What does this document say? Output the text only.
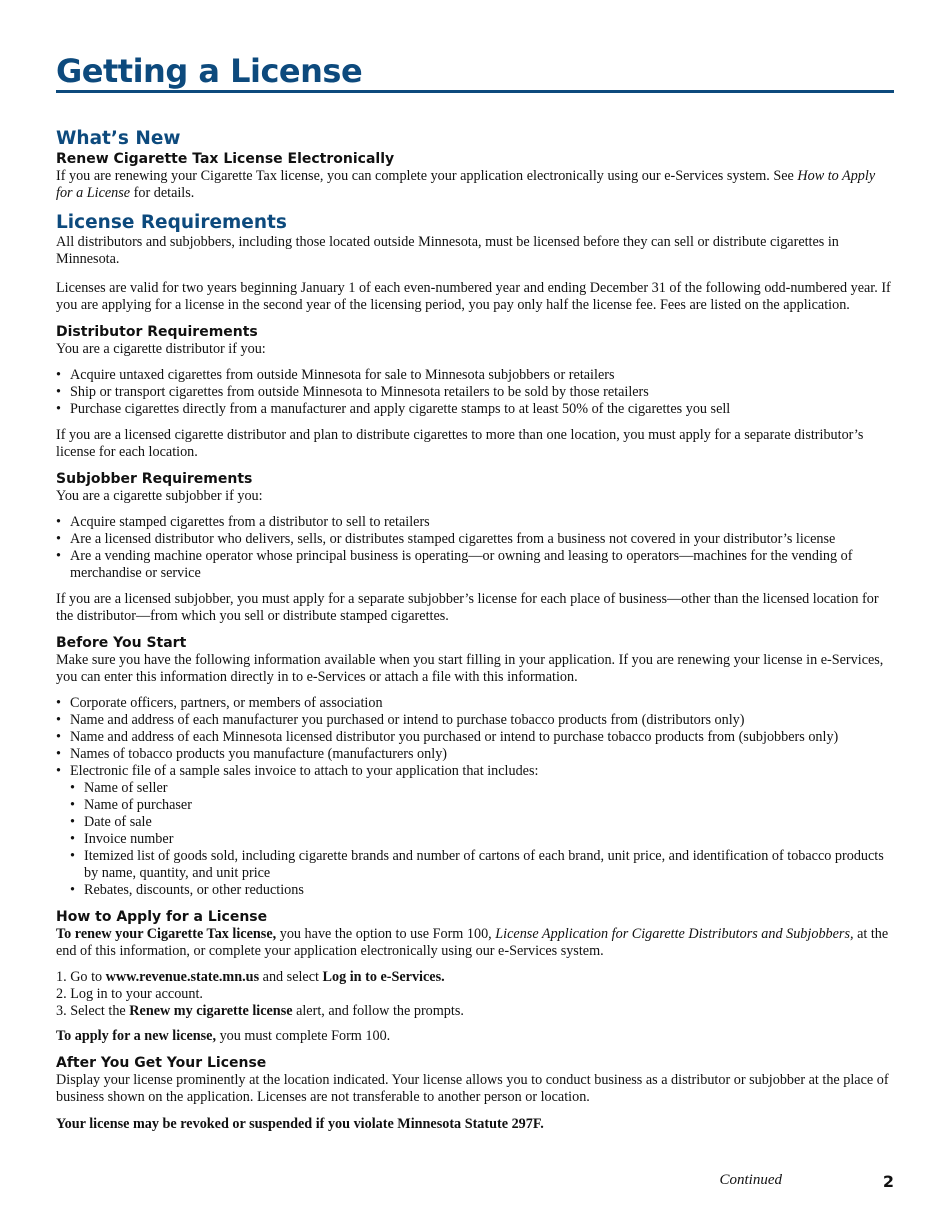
Getting a License
What’s New
Renew Cigarette Tax License Electronically

If you are renewing your Cigarette Tax license, you can complete your application electronically using our e-Services system. See How to Apply for a License for details.

License Requirements

All distributors and subjobbers, including those located outside Minnesota, must be licensed before they can sell or distribute cigarettes in Minnesota.

Licenses are valid for two years beginning January 1 of each even-numbered year and ending December 31 of the following odd-numbered year. If you are applying for a license in the second year of the licensing period, you pay only half the license fee. Fees are listed on the application.

Distributor Requirements

You are a cigarette distributor if you:

• Acquire untaxed cigarettes from outside Minnesota for sale to Minnesota subjobbers or retailers
• Ship or transport cigarettes from outside Minnesota to Minnesota retailers to be sold by those retailers
• Purchase cigarettes directly from a manufacturer and apply cigarette stamps to at least 50% of the cigarettes you sell

If you are a licensed cigarette distributor and plan to distribute cigarettes to more than one location, you must apply for a separate distributor’s license for each location.

Subjobber Requirements

You are a cigarette subjobber if you:

• Acquire stamped cigarettes from a distributor to sell to retailers
• Are a licensed distributor who delivers, sells, or distributes stamped cigarettes from a business not covered in your distributor’s license
• Are a vending machine operator whose principal business is operating—or owning and leasing to operators—machines for the vending of merchandise or service

If you are a licensed subjobber, you must apply for a separate subjobber’s license for each place of business—other than the licensed location for the distributor—from which you sell or distribute stamped cigarettes.

Before You Start

Make sure you have the following information available when you start filling in your application. If you are renewing your license in e-Services, you can enter this information directly in to e-Services or attach a file with this information.

• Corporate officers, partners, or members of association
• Name and address of each manufacturer you purchased or intend to purchase tobacco products from (distributors only)
• Name and address of each Minnesota licensed distributor you purchased or intend to purchase tobacco products from (subjobbers only)
• Names of tobacco products you manufacture (manufacturers only)
• Electronic file of a sample sales invoice to attach to your application that includes:
• Name of seller
• Name of purchaser
• Date of sale
• Invoice number
• Itemized list of goods sold, including cigarette brands and number of cartons of each brand, unit price, and identification of tobacco products by name, quantity, and unit price
• Rebates, discounts, or other reductions
How to Apply for a License

To renew your Cigarette Tax license, you have the option to use Form 100, License Application for Cigarette Distributors and Subjobbers, at the end of this information, or complete your application electronically using our e-Services system.

1. Go to www.revenue.state.mn.us and select Log in to e-Services.
2. Log in to your account.
3. Select the Renew my cigarette license alert, and follow the prompts.

To apply for a new license, you must complete Form 100.

After You Get Your License

Display your license prominently at the location indicated. Your license allows you to conduct business as a distributor or subjobber at the place of business shown on the application. Licenses are not transferable to another person or location.

Your license may be revoked or suspended if you violate Minnesota Statute 297F.

Continued	2
